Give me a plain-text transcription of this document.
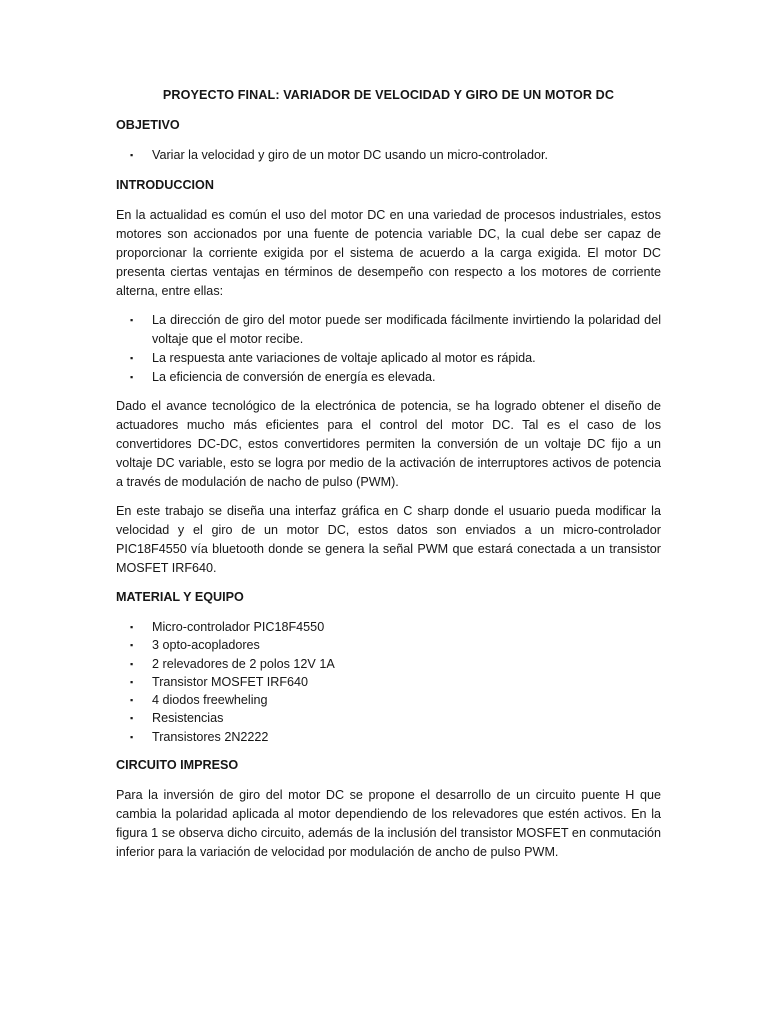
PROYECTO FINAL: VARIADOR DE VELOCIDAD Y GIRO DE UN MOTOR DC
OBJETIVO
▪ Variar la velocidad y giro de un motor DC usando un micro-controlador.
INTRODUCCION

En la actualidad es común el uso del motor DC en una variedad de procesos industriales, estos motores son accionados por una fuente de potencia variable DC, la cual debe ser capaz de proporcionar la corriente exigida por el sistema de acuerdo a la carga exigida. El motor DC presenta ciertas ventajas en términos de desempeño con respecto a los motores de corriente alterna, entre ellas:

▪ La dirección de giro del motor puede ser modificada fácilmente invirtiendo la polaridad del voltaje que el motor recibe.
▪ La respuesta ante variaciones de voltaje aplicado al motor es rápida.
▪ La eficiencia de conversión de energía es elevada.

Dado el avance tecnológico de la electrónica de potencia, se ha logrado obtener el diseño de actuadores mucho más eficientes para el control del motor DC. Tal es el caso de los convertidores DC-DC, estos convertidores permiten la conversión de un voltaje DC fijo a un voltaje DC variable, esto se logra por medio de la activación de interruptores activos de potencia a través de modulación de nacho de pulso (PWM).

En este trabajo se diseña una interfaz gráfica en C sharp donde el usuario pueda modificar la velocidad y el giro de un motor DC, estos datos son enviados a un micro-controlador PIC18F4550 vía bluetooth donde se genera la señal PWM que estará conectada a un transistor MOSFET IRF640.

MATERIAL Y EQUIPO
▪ Micro-controlador PIC18F4550
▪ 3 opto-acopladores
▪ 2 relevadores de 2 polos 12V 1A
▪ Transistor MOSFET IRF640
▪ 4 diodos freewheling
▪ Resistencias
▪ Transistores 2N2222
CIRCUITO IMPRESO

Para la inversión de giro del motor DC se propone el desarrollo de un circuito puente H que cambia la polaridad aplicada al motor dependiendo de los relevadores que estén activos. En la figura 1 se observa dicho circuito, además de la inclusión del transistor MOSFET en conmutación inferior para la variación de velocidad por modulación de ancho de pulso PWM.
